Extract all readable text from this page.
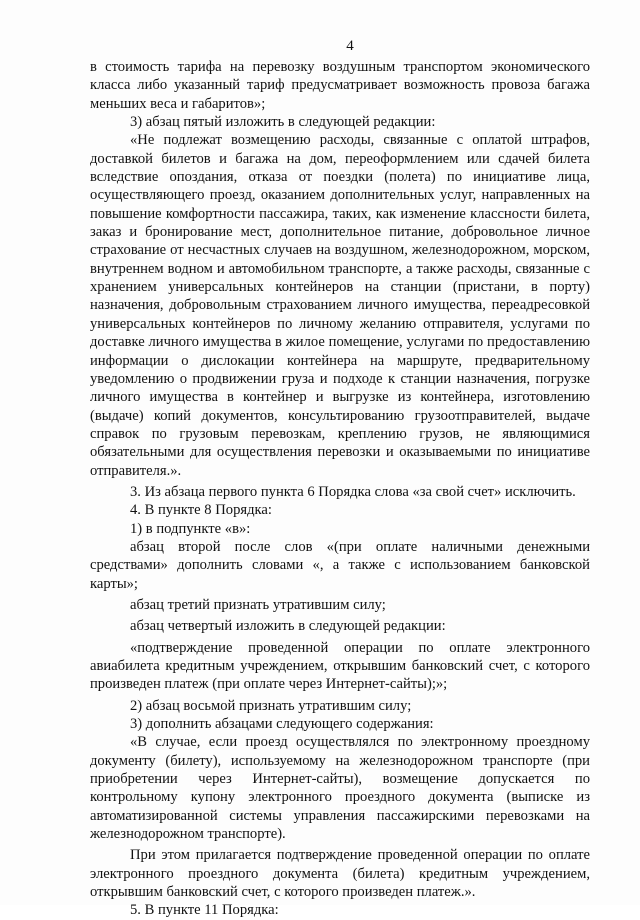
4

в стоимость тарифа на перевозку воздушным транспортом экономического класса либо указанный тариф предусматривает возможность провоза багажа меньших веса и габаритов»;

3) абзац пятый изложить в следующей редакции:

«Не подлежат возмещению расходы, связанные с оплатой штрафов, доставкой билетов и багажа на дом, переоформлением или сдачей билета вследствие опоздания, отказа от поездки (полета) по инициативе лица, осуществляющего проезд, оказанием дополнительных услуг, направленных на повышение комфортности пассажира, таких, как изменение классности билета, заказ и бронирование мест, дополнительное питание, добровольное личное страхование от несчастных случаев на воздушном, железнодорожном, морском, внутреннем водном и автомобильном транспорте, а также расходы, связанные с хранением универсальных контейнеров на станции (пристани, в порту) назначения, добровольным страхованием личного имущества, переадресовкой универсальных контейнеров по личному желанию отправителя, услугами по доставке личного имущества в жилое помещение, услугами по предоставлению информации о дислокации контейнера на маршруте, предварительному уведомлению о продвижении груза и подходе к станции назначения, погрузке личного имущества в контейнер и выгрузке из контейнера, изготовлению (выдаче) копий документов, консультированию грузоотправителей, выдаче справок по грузовым перевозкам, креплению грузов, не являющимися обязательными для осуществления перевозки и оказываемыми по инициативе отправителя.».

3. Из абзаца первого пункта 6 Порядка слова «за свой счет» исключить.

4. В пункте 8 Порядка:

1) в подпункте «в»:

абзац второй после слов «(при оплате наличными денежными средствами» дополнить словами «, а также с использованием банковской карты»;

абзац третий признать утратившим силу;

абзац четвертый изложить в следующей редакции:

«подтверждение проведенной операции по оплате электронного авиабилета кредитным учреждением, открывшим банковский счет, с которого произведен платеж (при оплате через Интернет-сайты);»;

2) абзац восьмой признать утратившим силу;

3) дополнить абзацами следующего содержания:

«В случае, если проезд осуществлялся по электронному проездному документу (билету), используемому на железнодорожном транспорте (при приобретении через Интернет-сайты), возмещение допускается по контрольному купону электронного проездного документа (выписке из автоматизированной системы управления пассажирскими перевозками на железнодорожном транспорте).

При этом прилагается подтверждение проведенной операции по оплате электронного проездного документа (билета) кредитным учреждением, открывшим банковский счет, с которого произведен платеж.».

5. В пункте 11 Порядка:
